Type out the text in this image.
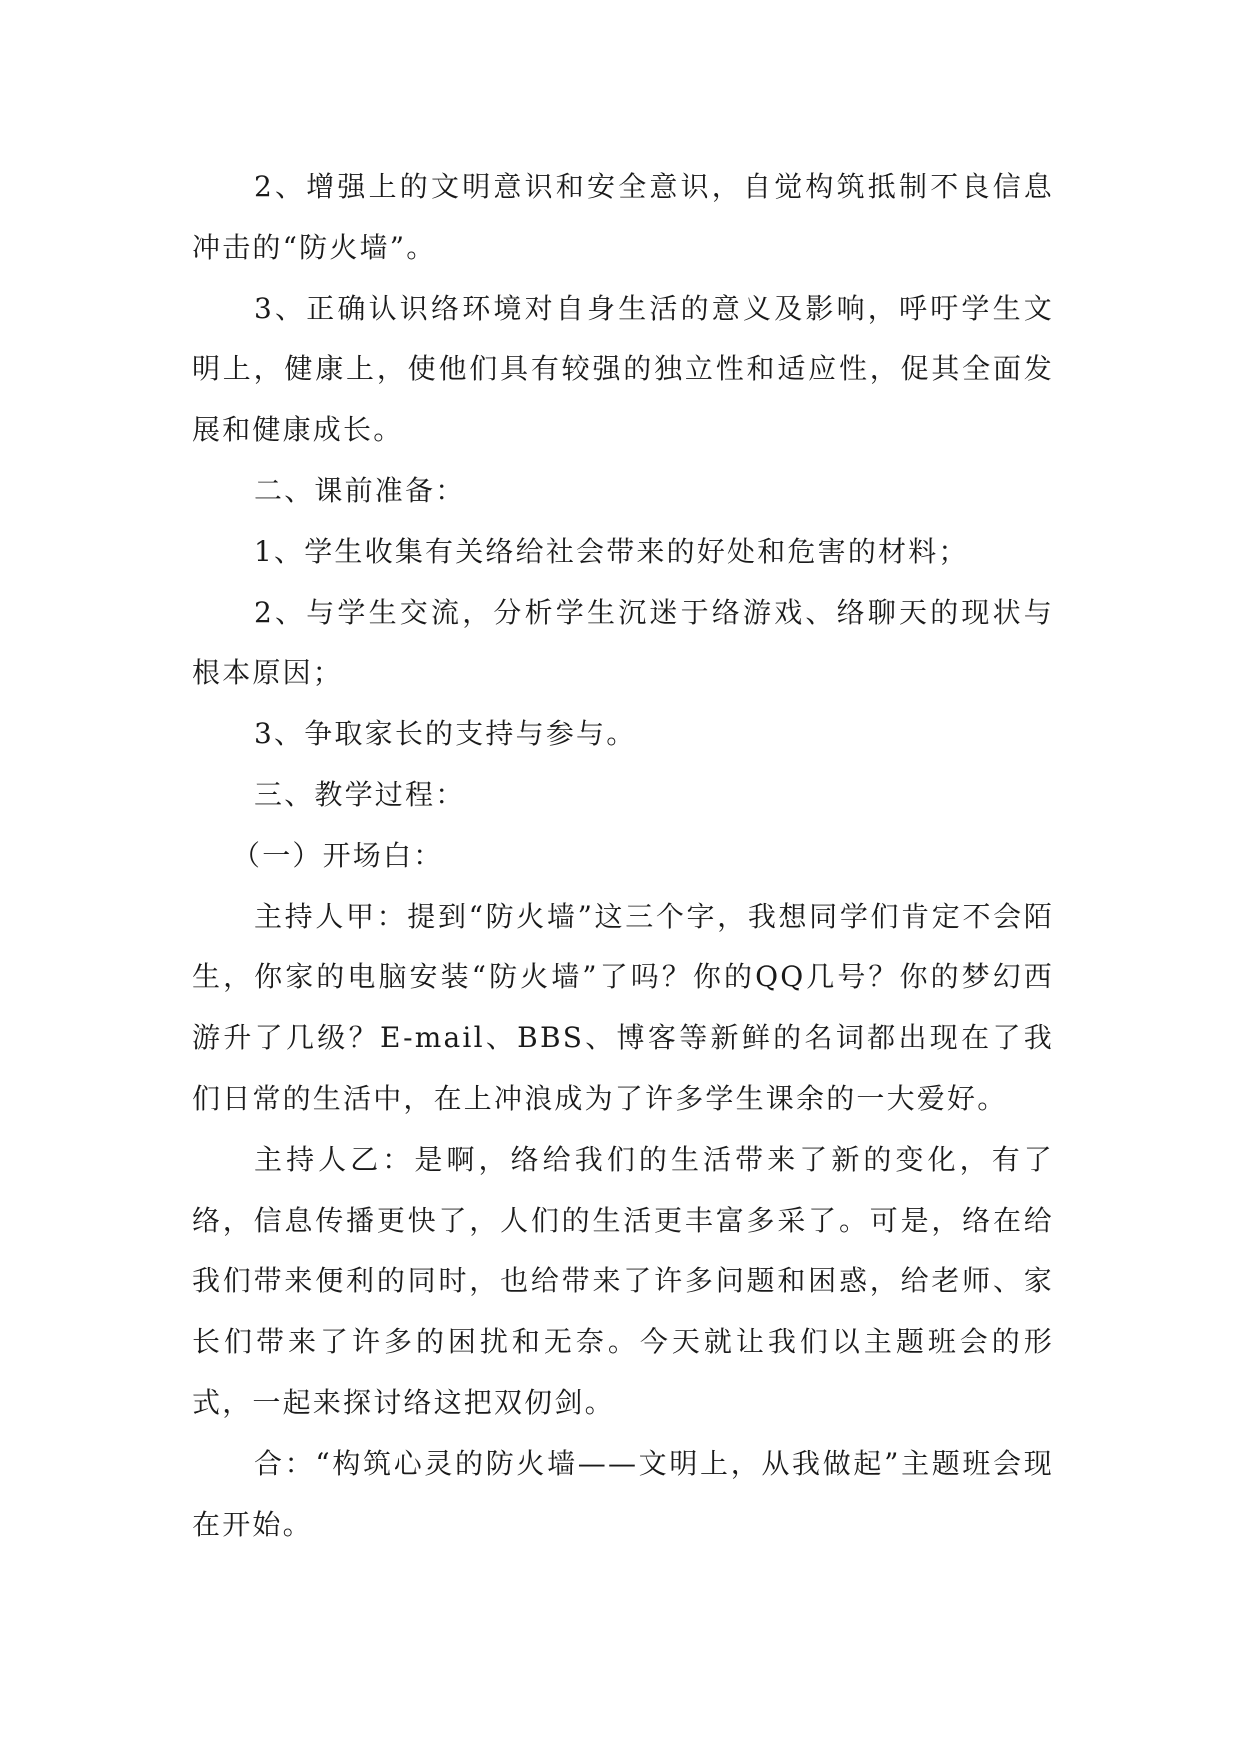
2、增强上的文明意识和安全意识，自觉构筑抵制不良信息冲击的“防火墙”。

3、正确认识络环境对自身生活的意义及影响，呼吁学生文明上，健康上，使他们具有较强的独立性和适应性，促其全面发展和健康成长。

二、课前准备：

1、学生收集有关络给社会带来的好处和危害的材料；

2、与学生交流，分析学生沉迷于络游戏、络聊天的现状与根本原因；

3、争取家长的支持与参与。

三、教学过程：

（一）开场白：

主持人甲：提到“防火墙”这三个字，我想同学们肯定不会陌生，你家的电脑安装“防火墙”了吗？你的QQ几号？你的梦幻西游升了几级？E-mail、BBS、博客等新鲜的名词都出现在了我们日常的生活中，在上冲浪成为了许多学生课余的一大爱好。

主持人乙：是啊，络给我们的生活带来了新的变化，有了络，信息传播更快了，人们的生活更丰富多采了。可是，络在给我们带来便利的同时，也给带来了许多问题和困惑，给老师、家长们带来了许多的困扰和无奈。今天就让我们以主题班会的形式，一起来探讨络这把双仞剑。

合：“构筑心灵的防火墙——文明上，从我做起”主题班会现在开始。
